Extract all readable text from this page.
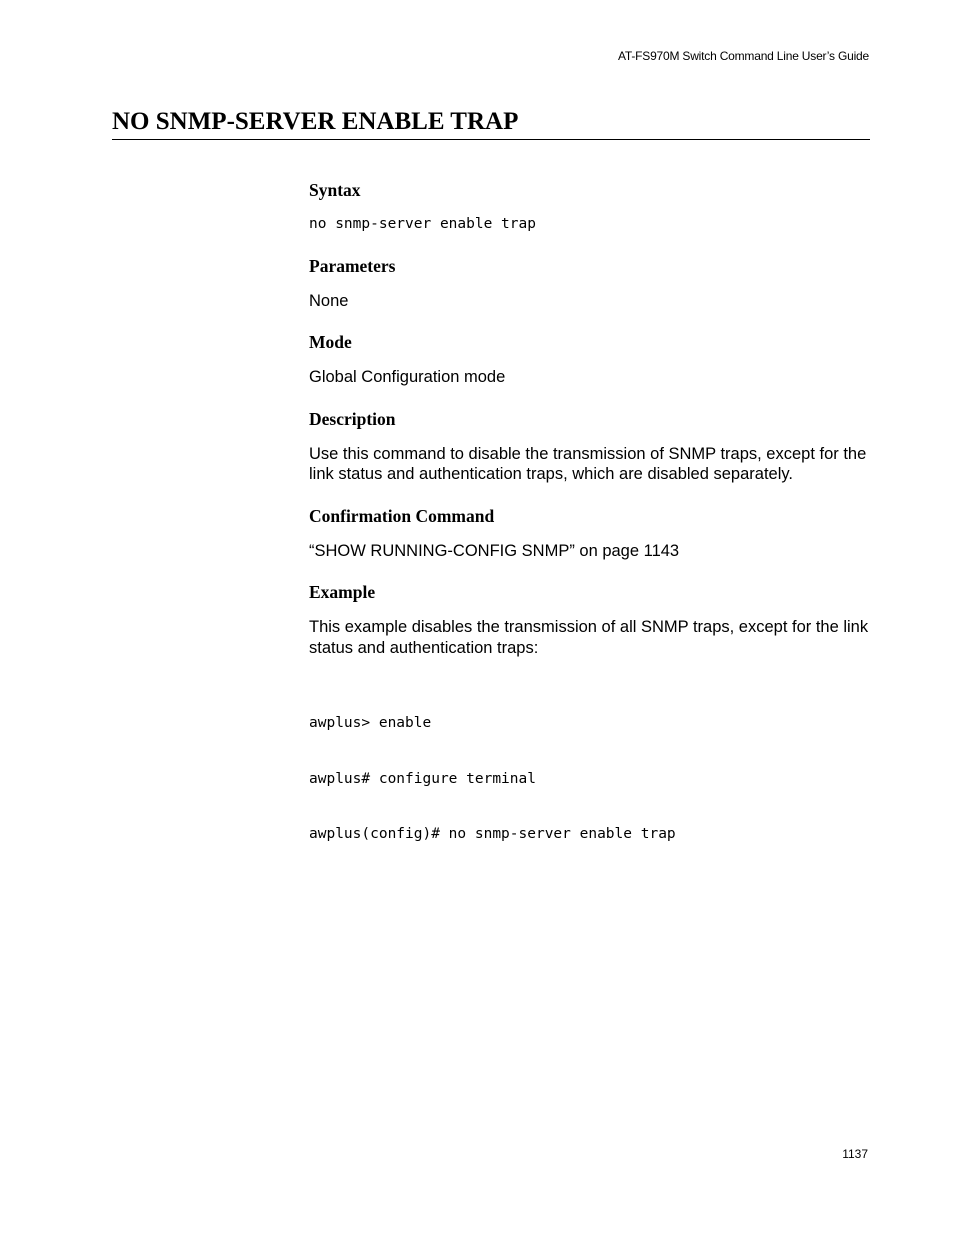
AT-FS970M Switch Command Line User’s Guide
NO SNMP-SERVER ENABLE TRAP
Syntax
no snmp-server enable trap
Parameters

None

Mode

Global Configuration mode

Description

Use this command to disable the transmission of SNMP traps, except for the link status and authentication traps, which are disabled separately.

Confirmation Command

“SHOW RUNNING-CONFIG SNMP” on page 1143

Example

This example disables the transmission of all SNMP traps, except for the link status and authentication traps:

awplus> enable

awplus# configure terminal

awplus(config)# no snmp-server enable trap

1137
